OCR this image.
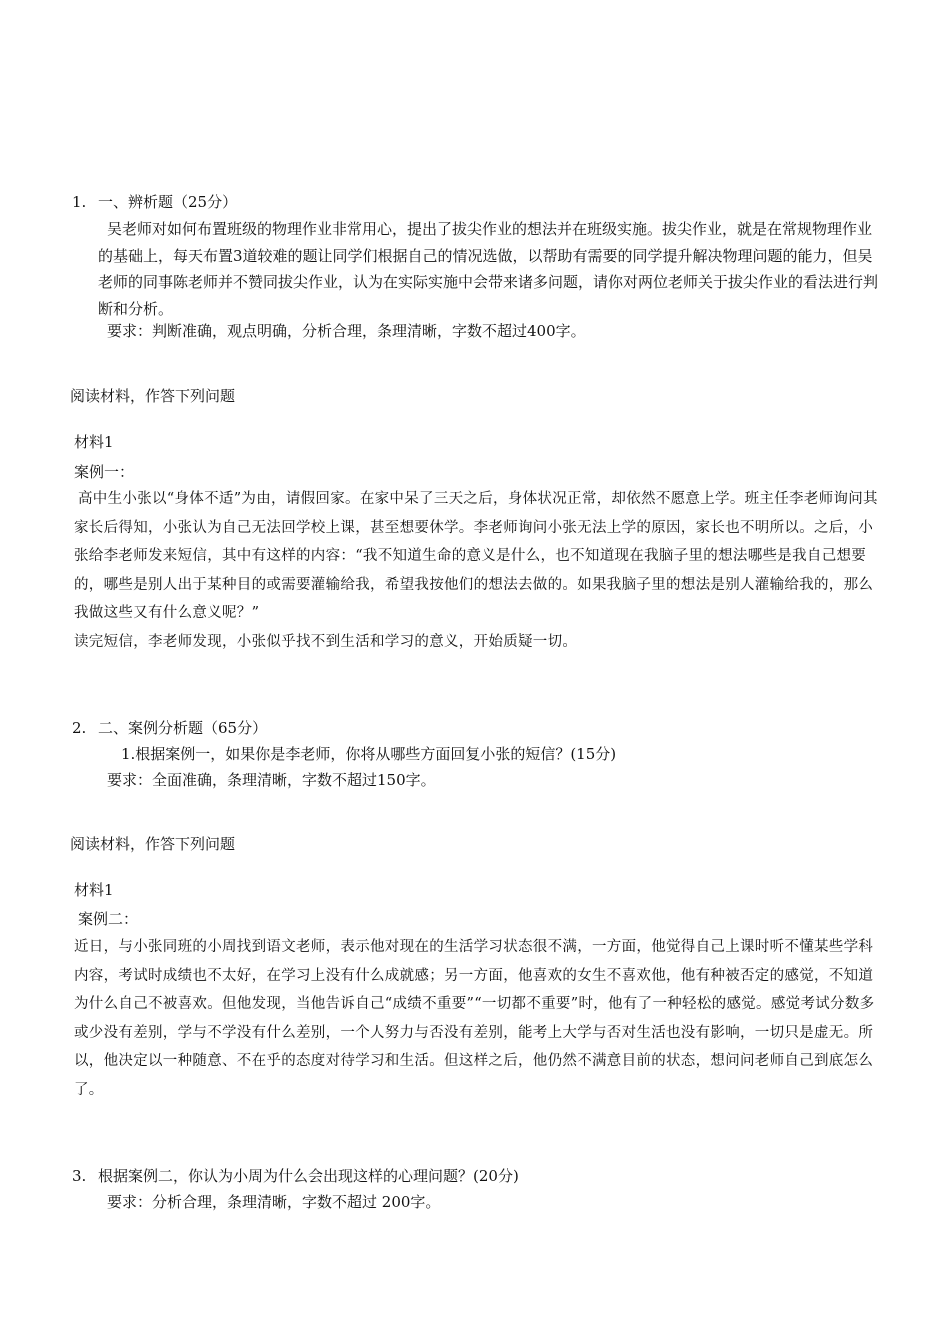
1. 一、辨析题（25分）

吴老师对如何布置班级的物理作业非常用心，提出了拔尖作业的想法并在班级实施。拔尖作业，就是在常规物理作业的基础上，每天布置3道较难的题让同学们根据自己的情况选做，以帮助有需要的同学提升解决物理问题的能力，但吴老师的同事陈老师并不赞同拔尖作业，认为在实际实施中会带来诸多问题，请你对两位老师关于拔尖作业的看法进行判断和分析。

要求：判断准确，观点明确，分析合理，条理清晰，字数不超过400字。
阅读材料，作答下列问题
材料1
案例一：

高中生小张以“身体不适”为由，请假回家。在家中呆了三天之后，身体状况正常，却依然不愿意上学。班主任李老师询问其家长后得知，小张认为自己无法回学校上课，甚至想要休学。李老师询问小张无法上学的原因，家长也不明所以。之后，小张给李老师发来短信，其中有这样的内容：“我不知道生命的意义是什么，也不知道现在我脑子里的想法哪些是我自己想要的，哪些是别人出于某种目的或需要灌输给我，希望我按他们的想法去做的。如果我脑子里的想法是别人灌输给我的，那么我做这些又有什么意义呢？”

读完短信，李老师发现，小张似乎找不到生活和学习的意义，开始质疑一切。

2. 二、案例分析题（65分）
1.根据案例一，如果你是李老师，你将从哪些方面回复小张的短信？(15分)
要求：全面准确，条理清晰，字数不超过150字。
阅读材料，作答下列问题
材料1
案例二：

近日，与小张同班的小周找到语文老师，表示他对现在的生活学习状态很不满，一方面，他觉得自己上课时听不懂某些学科内容，考试时成绩也不太好，在学习上没有什么成就感；另一方面，他喜欢的女生不喜欢他，他有种被否定的感觉，不知道为什么自己不被喜欢。但他发现，当他告诉自己“成绩不重要”“一切都不重要”时，他有了一种轻松的感觉。感觉考试分数多或少没有差别，学与不学没有什么差别，一个人努力与否没有差别，能考上大学与否对生活也没有影响，一切只是虚无。所以，他决定以一种随意、不在乎的态度对待学习和生活。但这样之后，他仍然不满意目前的状态，想问问老师自己到底怎么了。

3. 根据案例二，你认为小周为什么会出现这样的心理问题？(20分)
要求：分析合理，条理清晰，字数不超过 200字。
